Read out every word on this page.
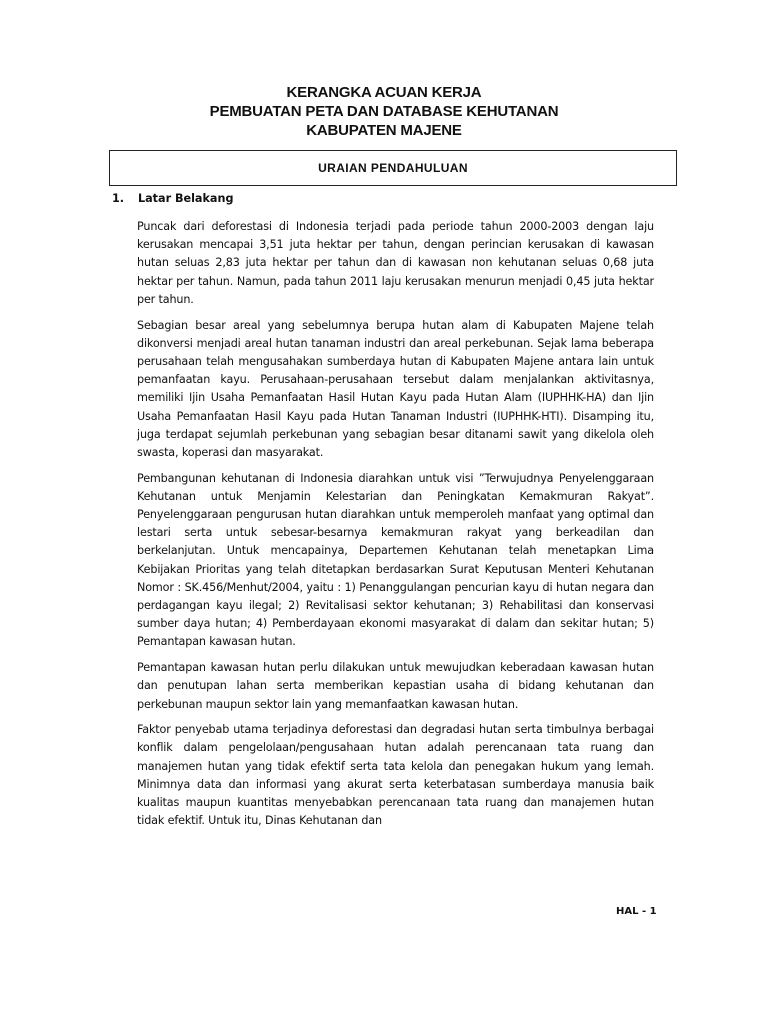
KERANGKA ACUAN KERJA
PEMBUATAN PETA DAN DATABASE KEHUTANAN
KABUPATEN MAJENE
URAIAN PENDAHULUAN
1. Latar Belakang

Puncak dari deforestasi di Indonesia terjadi pada periode tahun 2000-2003 dengan laju kerusakan mencapai 3,51 juta hektar per tahun, dengan perincian kerusakan di kawasan hutan seluas 2,83 juta hektar per tahun dan di kawasan non kehutanan seluas 0,68 juta hektar per tahun. Namun, pada tahun 2011 laju kerusakan menurun menjadi 0,45 juta hektar per tahun.

Sebagian besar areal yang sebelumnya berupa hutan alam di Kabupaten Majene telah dikonversi menjadi areal hutan tanaman industri dan areal perkebunan. Sejak lama beberapa perusahaan telah mengusahakan sumberdaya hutan di Kabupaten Majene antara lain untuk pemanfaatan kayu. Perusahaan-perusahaan tersebut dalam menjalankan aktivitasnya, memiliki Ijin Usaha Pemanfaatan Hasil Hutan Kayu pada Hutan Alam (IUPHHK-HA) dan Ijin Usaha Pemanfaatan Hasil Kayu pada Hutan Tanaman Industri (IUPHHK-HTI). Disamping itu, juga terdapat sejumlah perkebunan yang sebagian besar ditanami sawit yang dikelola oleh swasta, koperasi dan masyarakat.

Pembangunan kehutanan di Indonesia diarahkan untuk visi ”Terwujudnya Penyelenggaraan Kehutanan untuk Menjamin Kelestarian dan Peningkatan Kemakmuran Rakyat”. Penyelenggaraan pengurusan hutan diarahkan untuk memperoleh manfaat yang optimal dan lestari serta untuk sebesar-besarnya kemakmuran rakyat yang berkeadilan dan berkelanjutan. Untuk mencapainya, Departemen Kehutanan telah menetapkan Lima Kebijakan Prioritas yang telah ditetapkan berdasarkan Surat Keputusan Menteri Kehutanan Nomor : SK.456/Menhut/2004, yaitu : 1) Penanggulangan pencurian kayu di hutan negara dan perdagangan kayu ilegal; 2) Revitalisasi sektor kehutanan; 3) Rehabilitasi dan konservasi sumber daya hutan; 4) Pemberdayaan ekonomi masyarakat di dalam dan sekitar hutan; 5) Pemantapan kawasan hutan.

Pemantapan kawasan hutan perlu dilakukan untuk mewujudkan keberadaan kawasan hutan dan penutupan lahan serta memberikan kepastian usaha di bidang kehutanan dan perkebunan maupun sektor lain yang memanfaatkan kawasan hutan.

Faktor penyebab utama terjadinya deforestasi dan degradasi hutan serta timbulnya berbagai konflik dalam pengelolaan/pengusahaan hutan adalah perencanaan tata ruang dan manajemen hutan yang tidak efektif serta tata kelola dan penegakan hukum yang lemah. Minimnya data dan informasi yang akurat serta keterbatasan sumberdaya manusia baik kualitas maupun kuantitas menyebabkan perencanaan tata ruang dan manajemen hutan tidak efektif. Untuk itu, Dinas Kehutanan dan

HAL - 1
